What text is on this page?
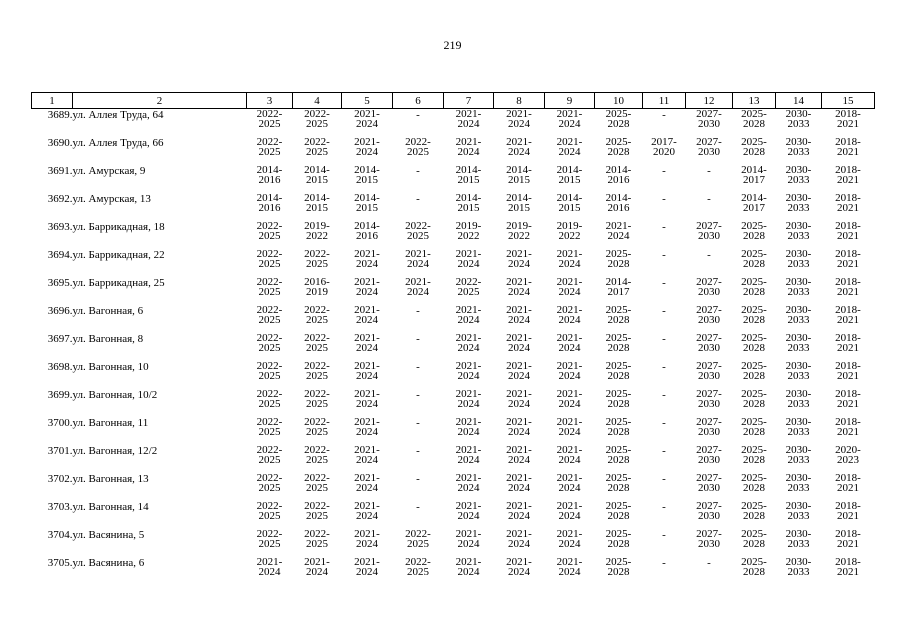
219
1	2	3	4	5	6	7	8	9	10	11	12	13	14	15
3689.	ул. Аллея Труда, 64	2022-
2025	2022-
2025	2021-
2024	-	2021-
2024	2021-
2024	2021-
2024	2025-
2028	-	2027-
2030	2025-
2028	2030-
2033	2018-
2021

3690.	ул. Аллея Труда, 66	2022-
2025	2022-
2025	2021-
2024	2022-
2025	2021-
2024	2021-
2024	2021-
2024	2025-
2028	2017-
2020	2027-
2030	2025-
2028	2030-
2033	2018-
2021

3691.	ул. Амурская, 9	2014-
2016	2014-
2015	2014-
2015	-	2014-
2015	2014-
2015	2014-
2015	2014-
2016	-	-	2014-
2017	2030-
2033	2018-
2021

3692.	ул. Амурская, 13	2014-
2016	2014-
2015	2014-
2015	-	2014-
2015	2014-
2015	2014-
2015	2014-
2016	-	-	2014-
2017	2030-
2033	2018-
2021

3693.	ул. Баррикадная, 18	2022-
2025	2019-
2022	2014-
2016	2022-
2025	2019-
2022	2019-
2022	2019-
2022	2021-
2024	-	2027-
2030	2025-
2028	2030-
2033	2018-
2021

3694.	ул. Баррикадная, 22	2022-
2025	2022-
2025	2021-
2024	2021-
2024	2021-
2024	2021-
2024	2021-
2024	2025-
2028	-	-	2025-
2028	2030-
2033	2018-
2021

3695.	ул. Баррикадная, 25	2022-
2025	2016-
2019	2021-
2024	2021-
2024	2022-
2025	2021-
2024	2021-
2024	2014-
2017	-	2027-
2030	2025-
2028	2030-
2033	2018-
2021

3696.	ул. Вагонная, 6	2022-
2025	2022-
2025	2021-
2024	-	2021-
2024	2021-
2024	2021-
2024	2025-
2028	-	2027-
2030	2025-
2028	2030-
2033	2018-
2021

3697.	ул. Вагонная, 8	2022-
2025	2022-
2025	2021-
2024	-	2021-
2024	2021-
2024	2021-
2024	2025-
2028	-	2027-
2030	2025-
2028	2030-
2033	2018-
2021

3698.	ул. Вагонная, 10	2022-
2025	2022-
2025	2021-
2024	-	2021-
2024	2021-
2024	2021-
2024	2025-
2028	-	2027-
2030	2025-
2028	2030-
2033	2018-
2021

3699.	ул. Вагонная, 10/2	2022-
2025	2022-
2025	2021-
2024	-	2021-
2024	2021-
2024	2021-
2024	2025-
2028	-	2027-
2030	2025-
2028	2030-
2033	2018-
2021

3700.	ул. Вагонная, 11	2022-
2025	2022-
2025	2021-
2024	-	2021-
2024	2021-
2024	2021-
2024	2025-
2028	-	2027-
2030	2025-
2028	2030-
2033	2018-
2021

3701.	ул. Вагонная, 12/2	2022-
2025	2022-
2025	2021-
2024	-	2021-
2024	2021-
2024	2021-
2024	2025-
2028	-	2027-
2030	2025-
2028	2030-
2033	2020-
2023

3702.	ул. Вагонная, 13	2022-
2025	2022-
2025	2021-
2024	-	2021-
2024	2021-
2024	2021-
2024	2025-
2028	-	2027-
2030	2025-
2028	2030-
2033	2018-
2021

3703.	ул. Вагонная, 14	2022-
2025	2022-
2025	2021-
2024	-	2021-
2024	2021-
2024	2021-
2024	2025-
2028	-	2027-
2030	2025-
2028	2030-
2033	2018-
2021

3704.	ул. Васянина, 5	2022-
2025	2022-
2025	2021-
2024	2022-
2025	2021-
2024	2021-
2024	2021-
2024	2025-
2028	-	2027-
2030	2025-
2028	2030-
2033	2018-
2021

3705.	ул. Васянина, 6	2021-
2024	2021-
2024	2021-
2024	2022-
2025	2021-
2024	2021-
2024	2021-
2024	2025-
2028	-	-	2025-
2028	2030-
2033	2018-
2021
